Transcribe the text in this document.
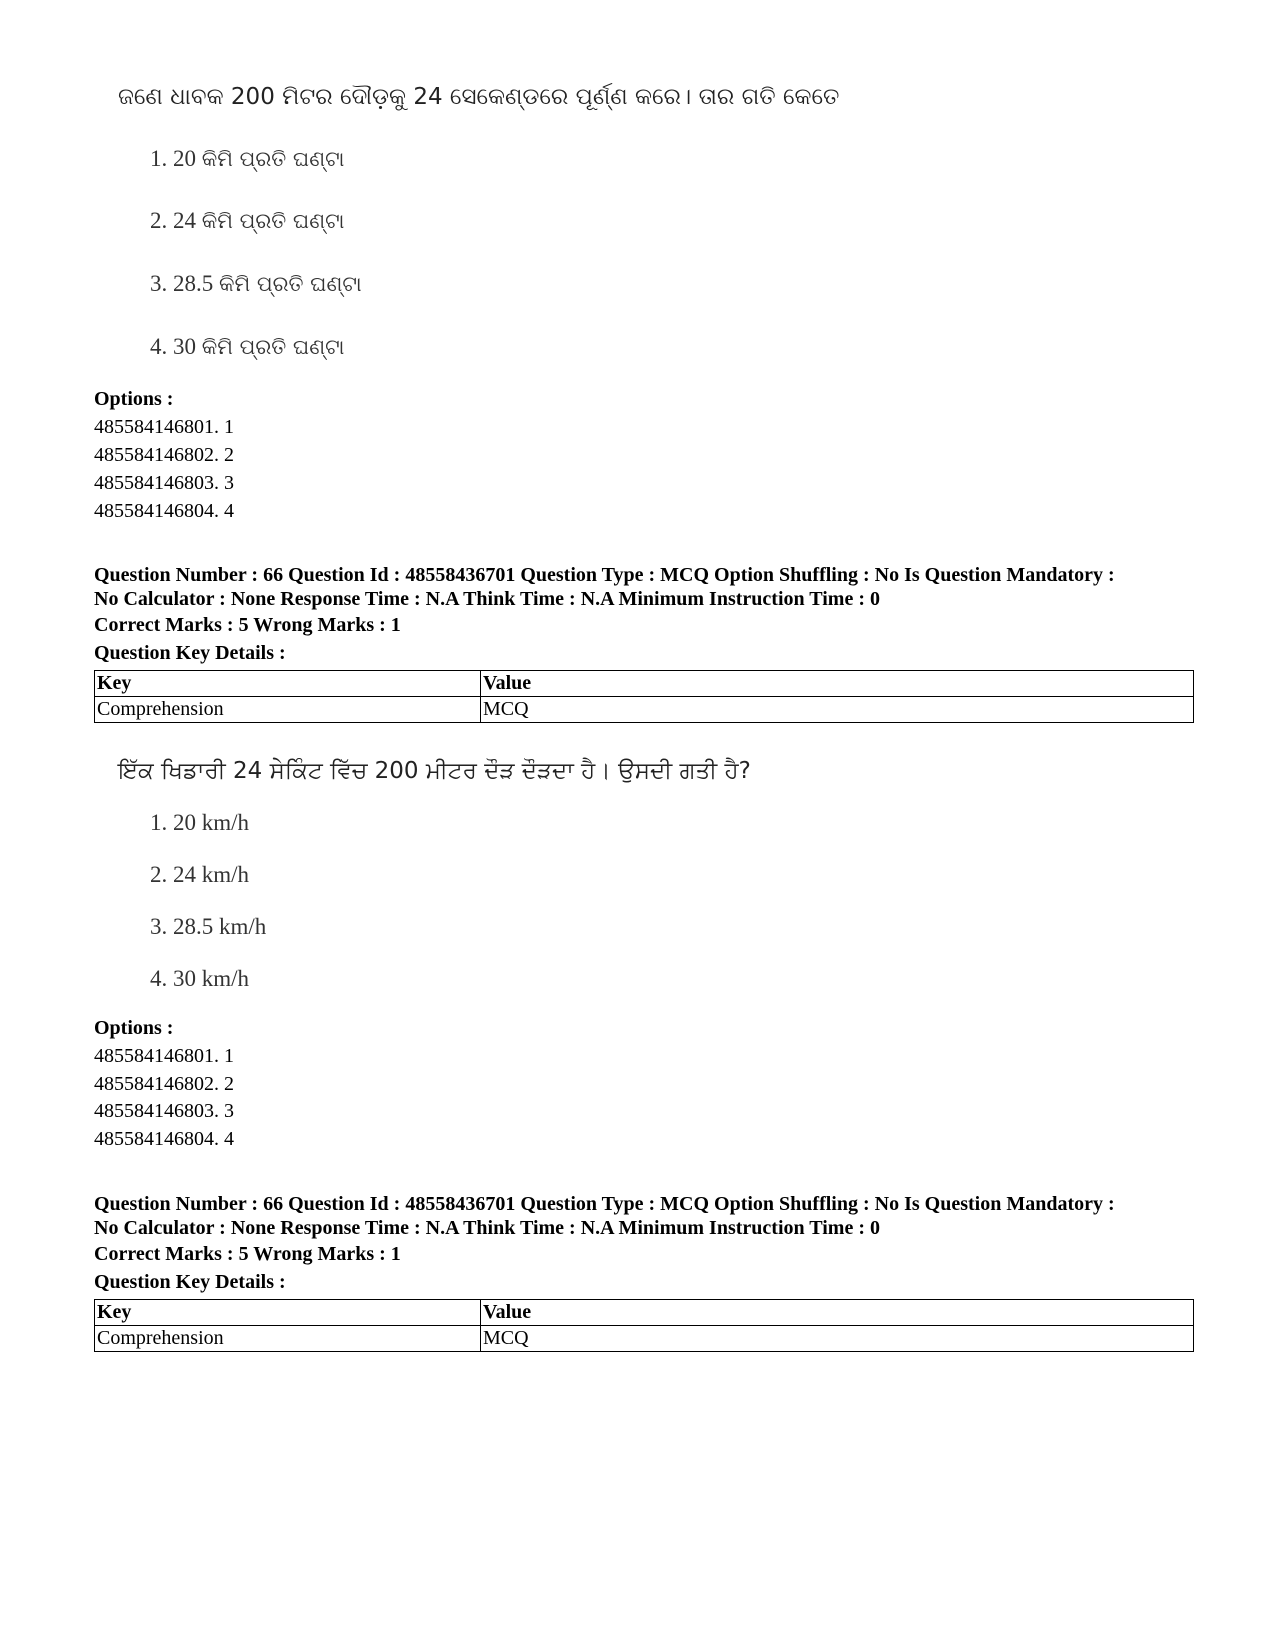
ଜଣେ ଧାବକ 200 ମିଟର ଦୌଡ଼କୁ 24 ସେକେଣ୍ଡରେ ପୂର୍ଣ୍ଣ କରେ। ତାର ଗତି କେତେ
1. 20 କିମି ପ୍ରତି ଘଣ୍ଟା
2. 24 କିମି ପ୍ରତି ଘଣ୍ଟା
3. 28.5 କିମି ପ୍ରତି ଘଣ୍ଟା
4. 30 କିମି ପ୍ରତି ଘଣ୍ଟା
Options :
485584146801. 1
485584146802. 2
485584146803. 3
485584146804. 4
Question Number : 66 Question Id : 48558436701 Question Type : MCQ Option Shuffling : No Is Question Mandatory :
No Calculator : None Response Time : N.A Think Time : N.A Minimum Instruction Time : 0
Correct Marks : 5 Wrong Marks : 1
Question Key Details :
Key	Value
Comprehension	MCQ
ਇੱਕ ਖਿਡਾਰੀ 24 ਸੇਕਿੰਟ ਵਿੱਚ 200 ਮੀਟਰ ਦੌੜ ਦੌੜਦਾ ਹੈ। ਉਸਦੀ ਗਤੀ ਹੈ?
1. 20 km/h
2. 24 km/h
3. 28.5 km/h
4. 30 km/h
Options :
485584146801. 1
485584146802. 2
485584146803. 3
485584146804. 4
Question Number : 66 Question Id : 48558436701 Question Type : MCQ Option Shuffling : No Is Question Mandatory :
No Calculator : None Response Time : N.A Think Time : N.A Minimum Instruction Time : 0
Correct Marks : 5 Wrong Marks : 1
Question Key Details :
Key	Value
Comprehension	MCQ
